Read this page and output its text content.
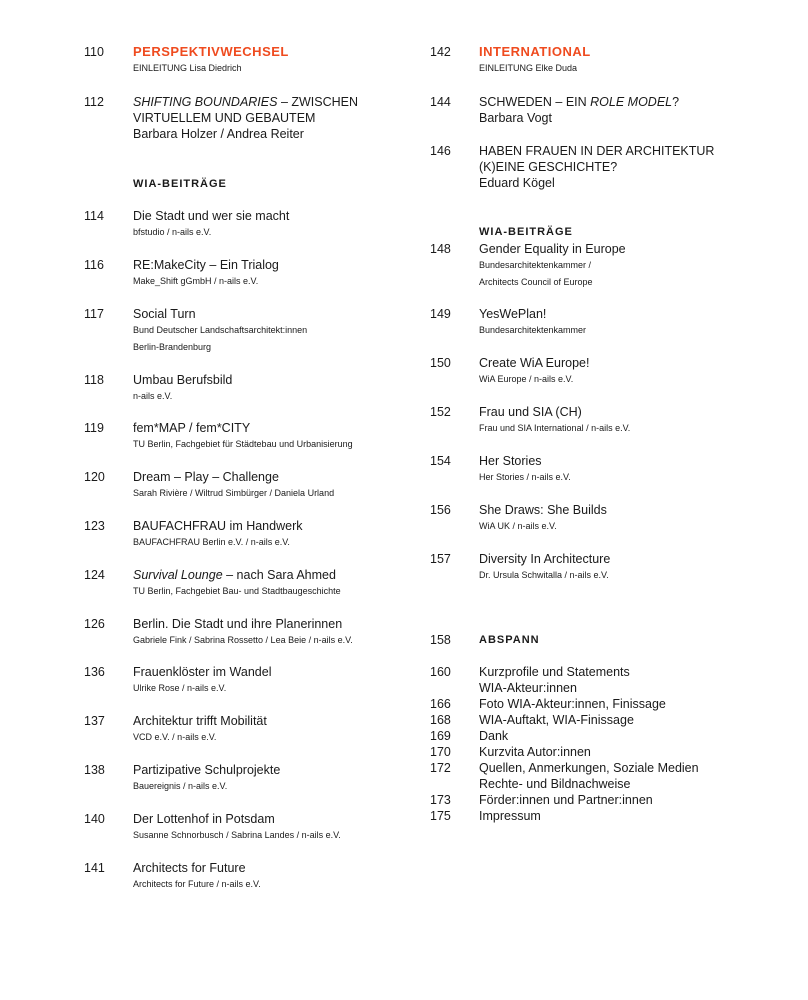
110 PERSPEKTIVWECHSEL
EINLEITUNG Lisa Diedrich
112 SHIFTING BOUNDARIES – ZWISCHEN
VIRTUELLEM UND GEBAUTEM
Barbara Holzer / Andrea Reiter
WIA-BEITRÄGE
114 Die Stadt und wer sie macht
bfstudio / n-ails e.V.
116 RE:MakeCity – Ein Trialog
Make_Shift gGmbH / n-ails e.V.
117 Social Turn
Bund Deutscher Landschaftsarchitekt:innen
Berlin-Brandenburg
118 Umbau Berufsbild
n-ails e.V.
119 fem*MAP / fem*CITY
TU Berlin, Fachgebiet für Städtebau und Urbanisierung
120 Dream – Play – Challenge
Sarah Rivière / Wiltrud Simbürger / Daniela Urland
123 BAUFACHFRAU im Handwerk
BAUFACHFRAU Berlin e.V. / n-ails e.V.
124 Survival Lounge – nach Sara Ahmed
TU Berlin, Fachgebiet Bau- und Stadtbaugeschichte
126 Berlin. Die Stadt und ihre Planerinnen
Gabriele Fink / Sabrina Rossetto / Lea Beie / n-ails e.V.
136 Frauenklöster im Wandel
Ulrike Rose / n-ails e.V.
137 Architektur trifft Mobilität
VCD e.V. / n-ails e.V.
138 Partizipative Schulprojekte
Bauereignis / n-ails e.V.
140 Der Lottenhof in Potsdam
Susanne Schnorbusch / Sabrina Landes / n-ails e.V.
141 Architects for Future
Architects for Future / n-ails e.V.
142 INTERNATIONAL
EINLEITUNG Elke Duda
144 SCHWEDEN – EIN ROLE MODEL?
Barbara Vogt
146 HABEN FRAUEN IN DER ARCHITEKTUR
(K)EINE GESCHICHTE?
Eduard Kögel
WIA-BEITRÄGE
148 Gender Equality in Europe
Bundesarchitektenkammer /
Architects Council of Europe
149 YesWePlan!
Bundesarchitektenkammer
150 Create WiA Europe!
WiA Europe / n-ails e.V.
152 Frau und SIA (CH)
Frau und SIA International / n-ails e.V.
154 Her Stories
Her Stories / n-ails e.V.
156 She Draws: She Builds
WiA UK / n-ails e.V.
157 Diversity In Architecture
Dr. Ursula Schwitalla / n-ails e.V.
158	ABSPANN
160 Kurzprofile und Statements
WIA-Akteur:innen
166 Foto WIA-Akteur:innen, Finissage
168 WIA-Auftakt, WIA-Finissage
169 Dank
170 Kurzvita Autor:innen
172 Quellen, Anmerkungen, Soziale Medien
Rechte- und Bildnachweise
173 Förder:innen und Partner:innen
175 Impressum
